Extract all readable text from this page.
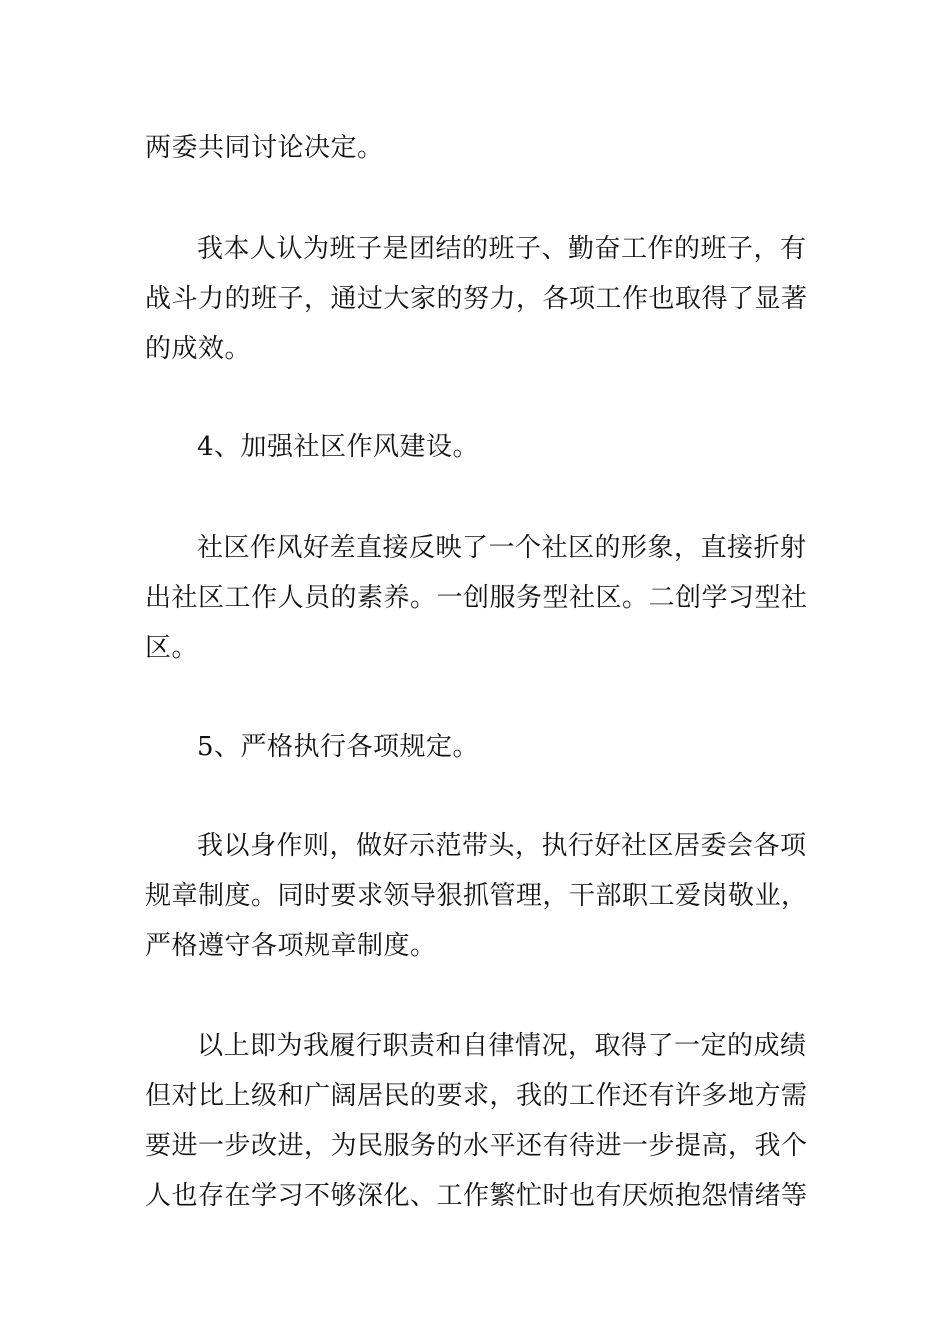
两委共同讨论决定。

我本人认为班子是团结的班子、勤奋工作的班子，有
战斗力的班子，通过大家的努力，各项工作也取得了显著
的成效。

4、加强社区作风建设。

社区作风好差直接反映了一个社区的形象，直接折射
出社区工作人员的素养。一创服务型社区。二创学习型社
区。

5、严格执行各项规定。

我以身作则，做好示范带头，执行好社区居委会各项
规章制度。同时要求领导狠抓管理，干部职工爱岗敬业，
严格遵守各项规章制度。

以上即为我履行职责和自律情况，取得了一定的成绩
但对比上级和广阔居民的要求，我的工作还有许多地方需
要进一步改进，为民服务的水平还有待进一步提高，我个
人也存在学习不够深化、工作繁忙时也有厌烦抱怨情绪等
